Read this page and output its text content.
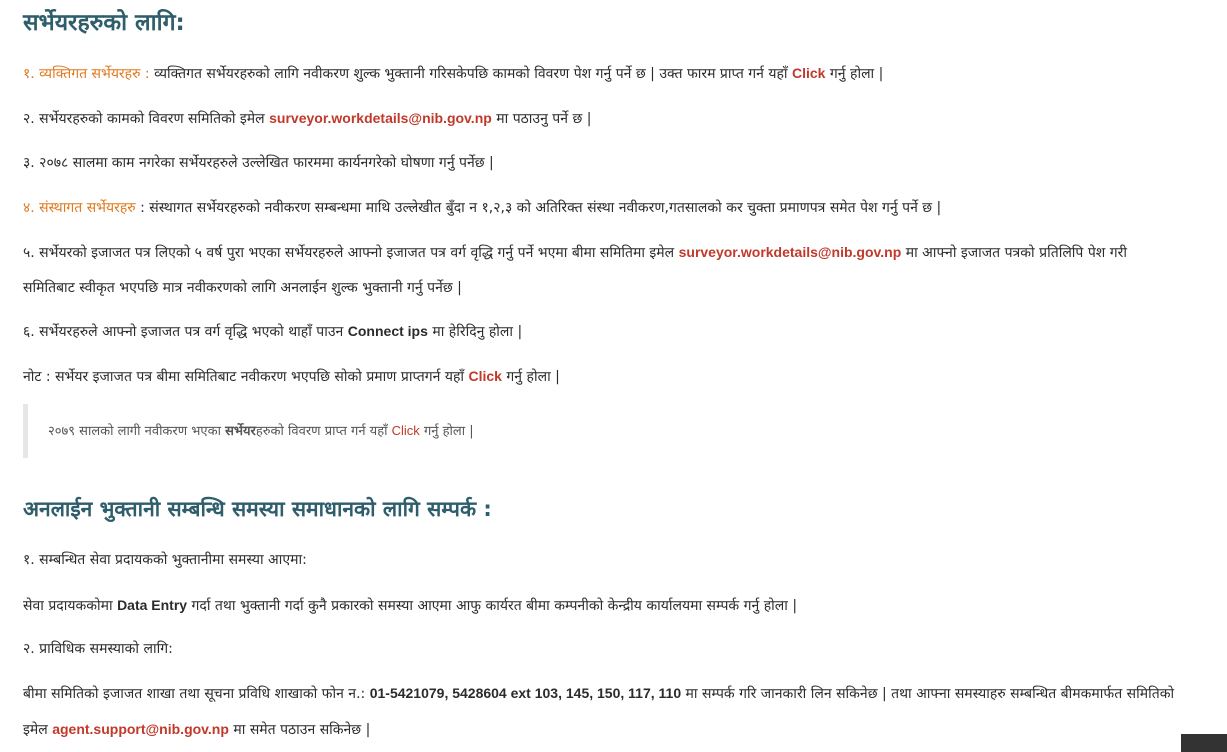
सर्भेयरहरुको लागि:
१. व्यक्तिगत सर्भेयरहरु : व्यक्तिगत सर्भेयरहरुको लागि नवीकरण शुल्क भुक्तानी गरिसकेपछि कामको विवरण पेश गर्नु पर्ने छ | उक्त फारम प्राप्त गर्न यहाँ Click गर्नु होला |
२. सर्भेयरहरुको कामको विवरण समितिको इमेल surveyor.workdetails@nib.gov.np मा पठाउनु पर्ने छ |
३. २०७८ सालमा काम नगरेका सर्भेयरहरुले उल्लेखित फारममा कार्यनगरेको घोषणा गर्नु पर्नेछ |
४. संस्थागत सर्भेयरहरु : संस्थागत सर्भेयरहरुको नवीकरण सम्बन्धमा माथि उल्लेखीत बुँदा न १,२,३ को अतिरिक्त संस्था नवीकरण,गतसालको कर चुक्ता प्रमाणपत्र समेत पेश गर्नु पर्ने छ |
५. सर्भेयरको इजाजत पत्र लिएको ५ वर्ष पुरा भएका सर्भेयरहरुले आफ्नो इजाजत पत्र वर्ग वृद्धि गर्नु पर्ने भएमा बीमा समितिमा इमेल surveyor.workdetails@nib.gov.np मा आफ्नो इजाजत पत्रको प्रतिलिपि पेश गरी समितिबाट स्वीकृत भएपछि मात्र नवीकरणको लागि अनलाईन शुल्क भुक्तानी गर्नु पर्नेछ |
६. सर्भेयरहरुले आफ्नो इजाजत पत्र वर्ग वृद्धि भएको थाहाँ पाउन Connect ips मा हेरिदिनु होला |
नोट : सर्भेयर इजाजत पत्र बीमा समितिबाट नवीकरण भएपछि सोको प्रमाण प्राप्तगर्न यहाँ Click गर्नु होला |
२०७९ सालको लागी नवीकरण भएका सर्भेयरहरुको विवरण प्राप्त गर्न यहाँ Click गर्नु होला |
अनलाईन भुक्तानी सम्बन्धि समस्या समाधानको लागि सम्पर्क :
१. सम्बन्धित सेवा प्रदायकको भुक्तानीमा समस्या आएमा:
सेवा प्रदायककोमा Data Entry गर्दा तथा भुक्तानी गर्दा कुनै प्रकारको समस्या आएमा आफु कार्यरत बीमा कम्पनीको केन्द्रीय कार्यालयमा सम्पर्क गर्नु होला |
२. प्राविधिक समस्याको लागि:
बीमा समितिको इजाजत शाखा तथा सूचना प्रविधि शाखाको फोन न.: 01-5421079, 5428604 ext 103, 145, 150, 117, 110 मा सम्पर्क गरि जानकारी लिन सकिनेछ | तथा आफ्ना समस्याहरु सम्बन्धित बीमकमार्फत समितिको इमेल agent.support@nib.gov.np मा समेत पठाउन सकिनेछ |
